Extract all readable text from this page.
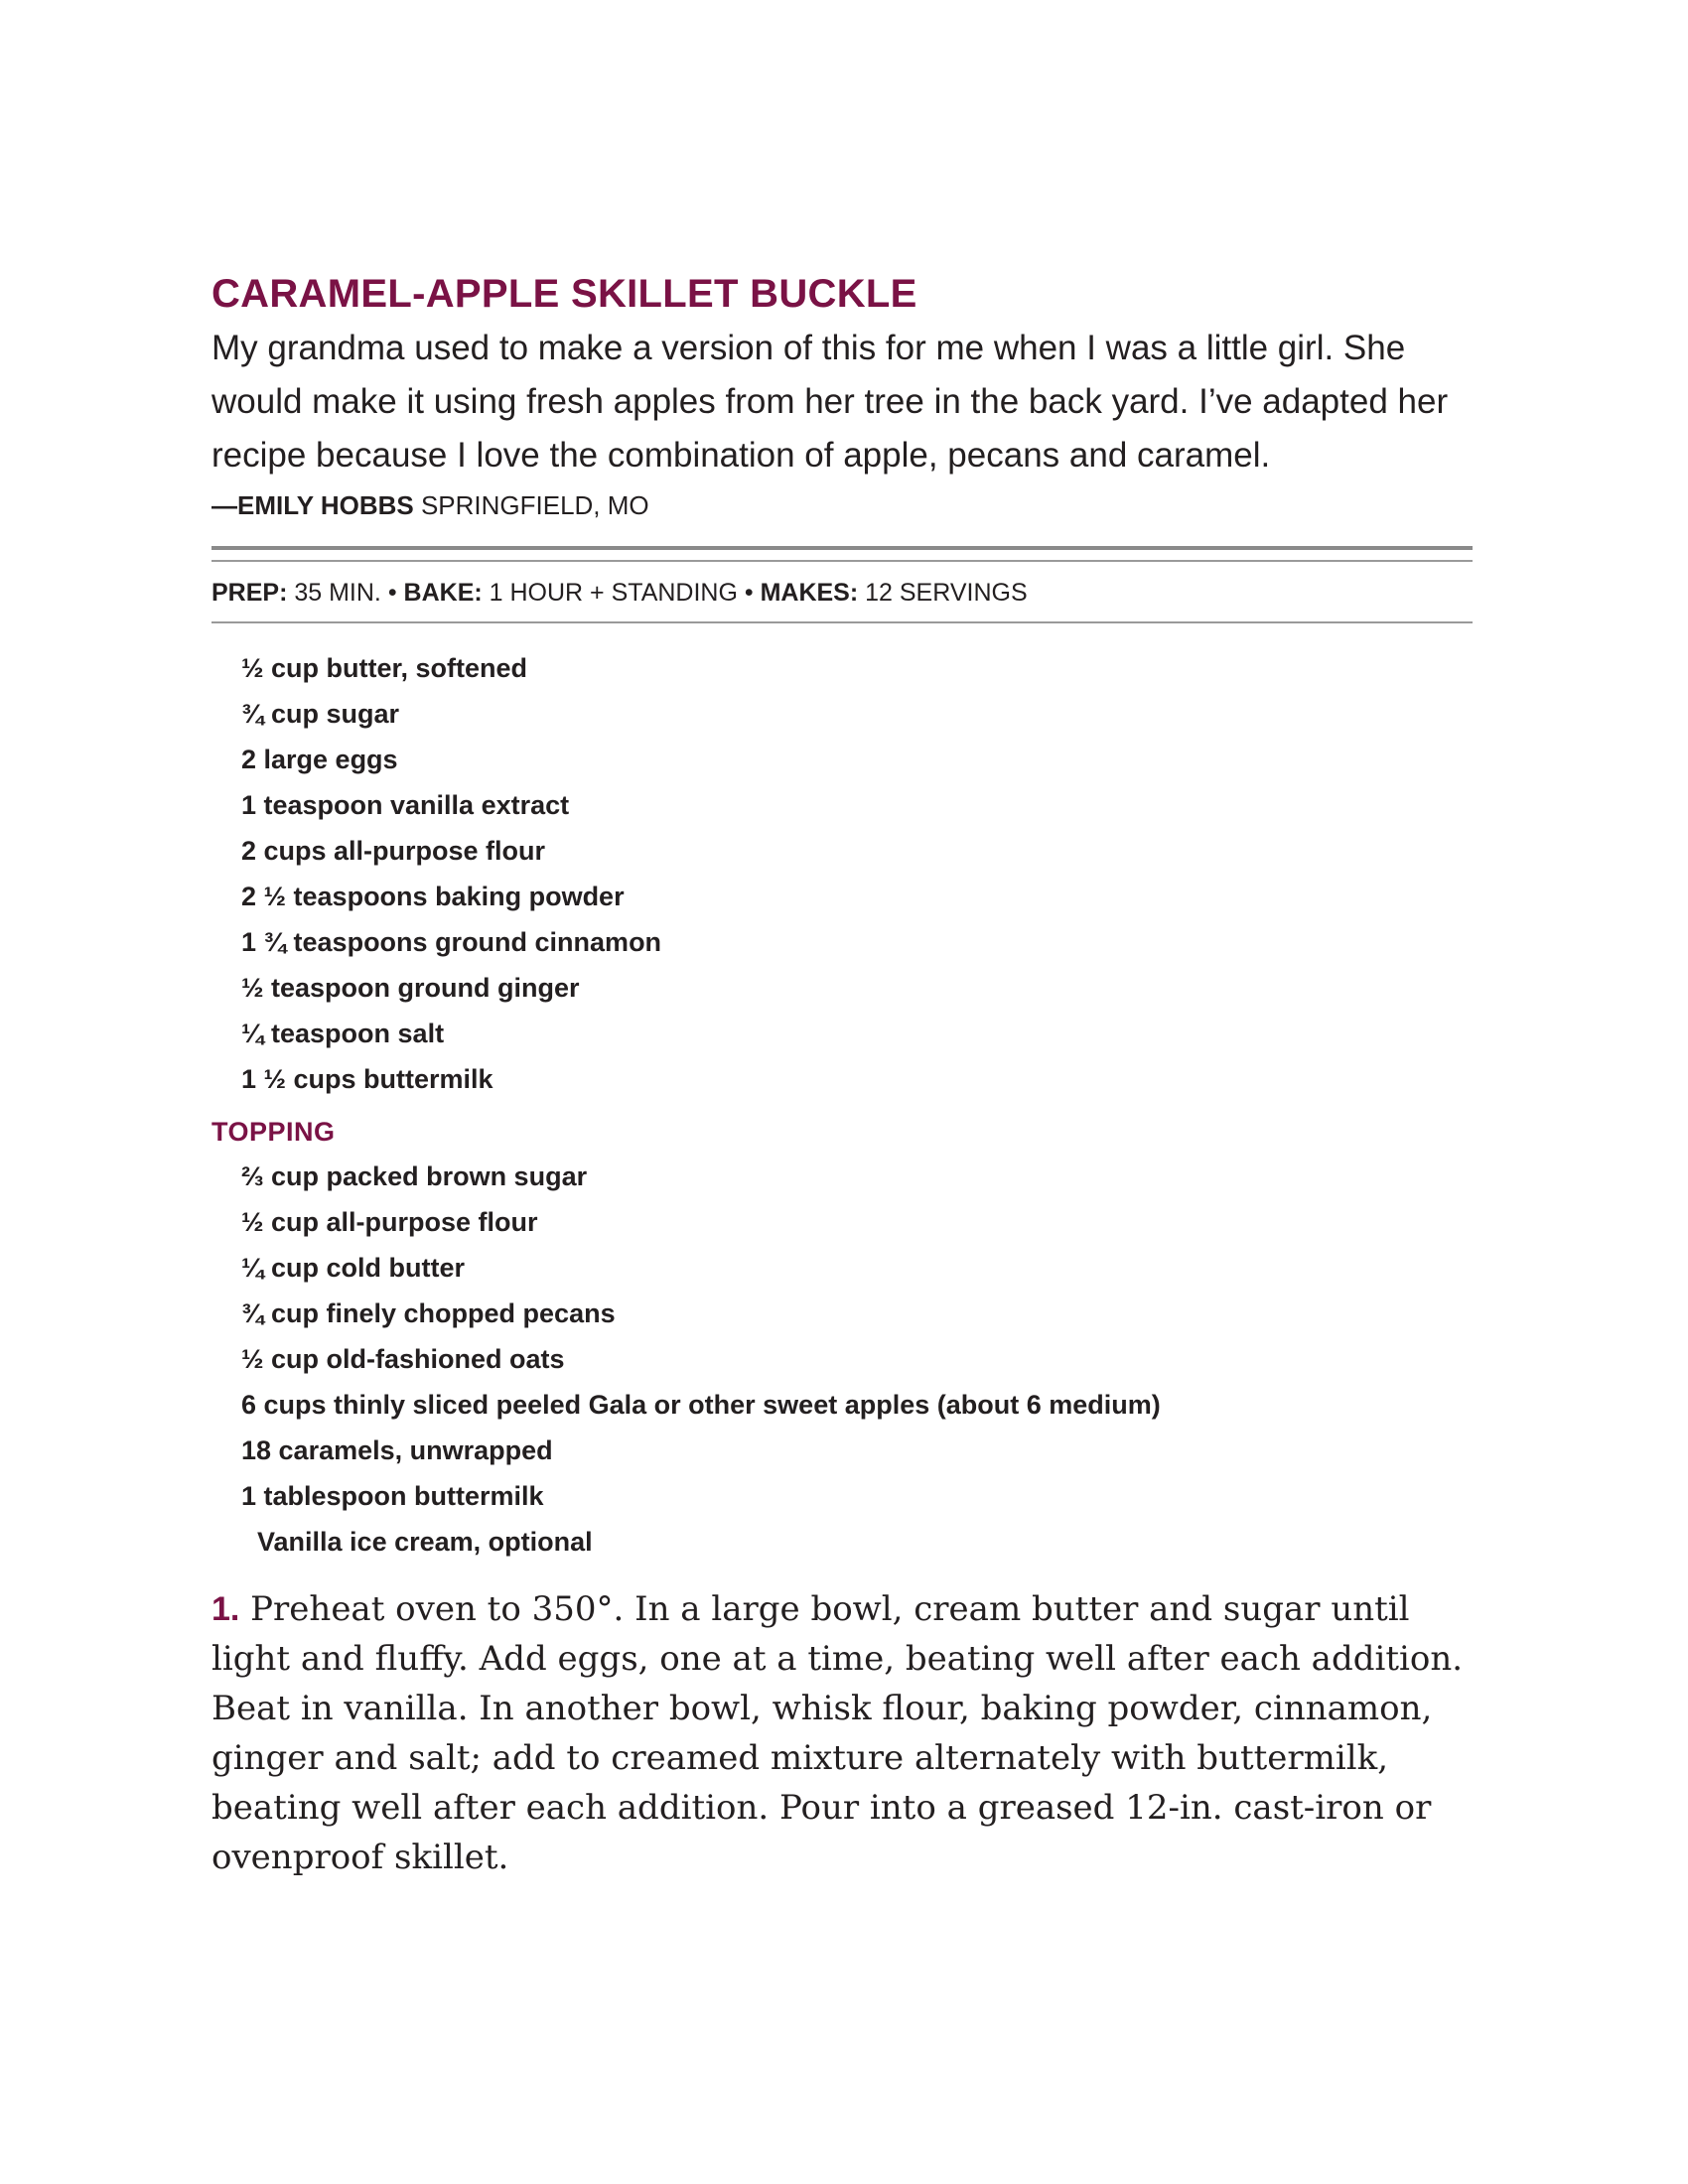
CARAMEL-APPLE SKILLET BUCKLE

My grandma used to make a version of this for me when I was a little girl. She would make it using fresh apples from her tree in the back yard. I’ve adapted her recipe because I love the combination of apple, pecans and caramel.

—EMILY HOBBS SPRINGFIELD, MO
PREP: 35 MIN. • BAKE: 1 HOUR + STANDING • MAKES: 12 SERVINGS
½ cup butter, softened
¾ cup sugar
2 large eggs
1 teaspoon vanilla extract
2 cups all-purpose flour
2 ½ teaspoons baking powder
1 ¾ teaspoons ground cinnamon
½ teaspoon ground ginger
¼ teaspoon salt
1 ½ cups buttermilk
TOPPING
⅔ cup packed brown sugar
½ cup all-purpose flour
¼ cup cold butter
¾ cup finely chopped pecans
½ cup old-fashioned oats
6 cups thinly sliced peeled Gala or other sweet apples (about 6 medium)
18 caramels, unwrapped
1 tablespoon buttermilk
Vanilla ice cream, optional
1. Preheat oven to 350°. In a large bowl, cream butter and sugar until light and fluffy. Add eggs, one at a time, beating well after each addition. Beat in vanilla. In another bowl, whisk flour, baking powder, cinnamon, ginger and salt; add to creamed mixture alternately with buttermilk, beating well after each addition. Pour into a greased 12-in. cast-iron or ovenproof skillet.
